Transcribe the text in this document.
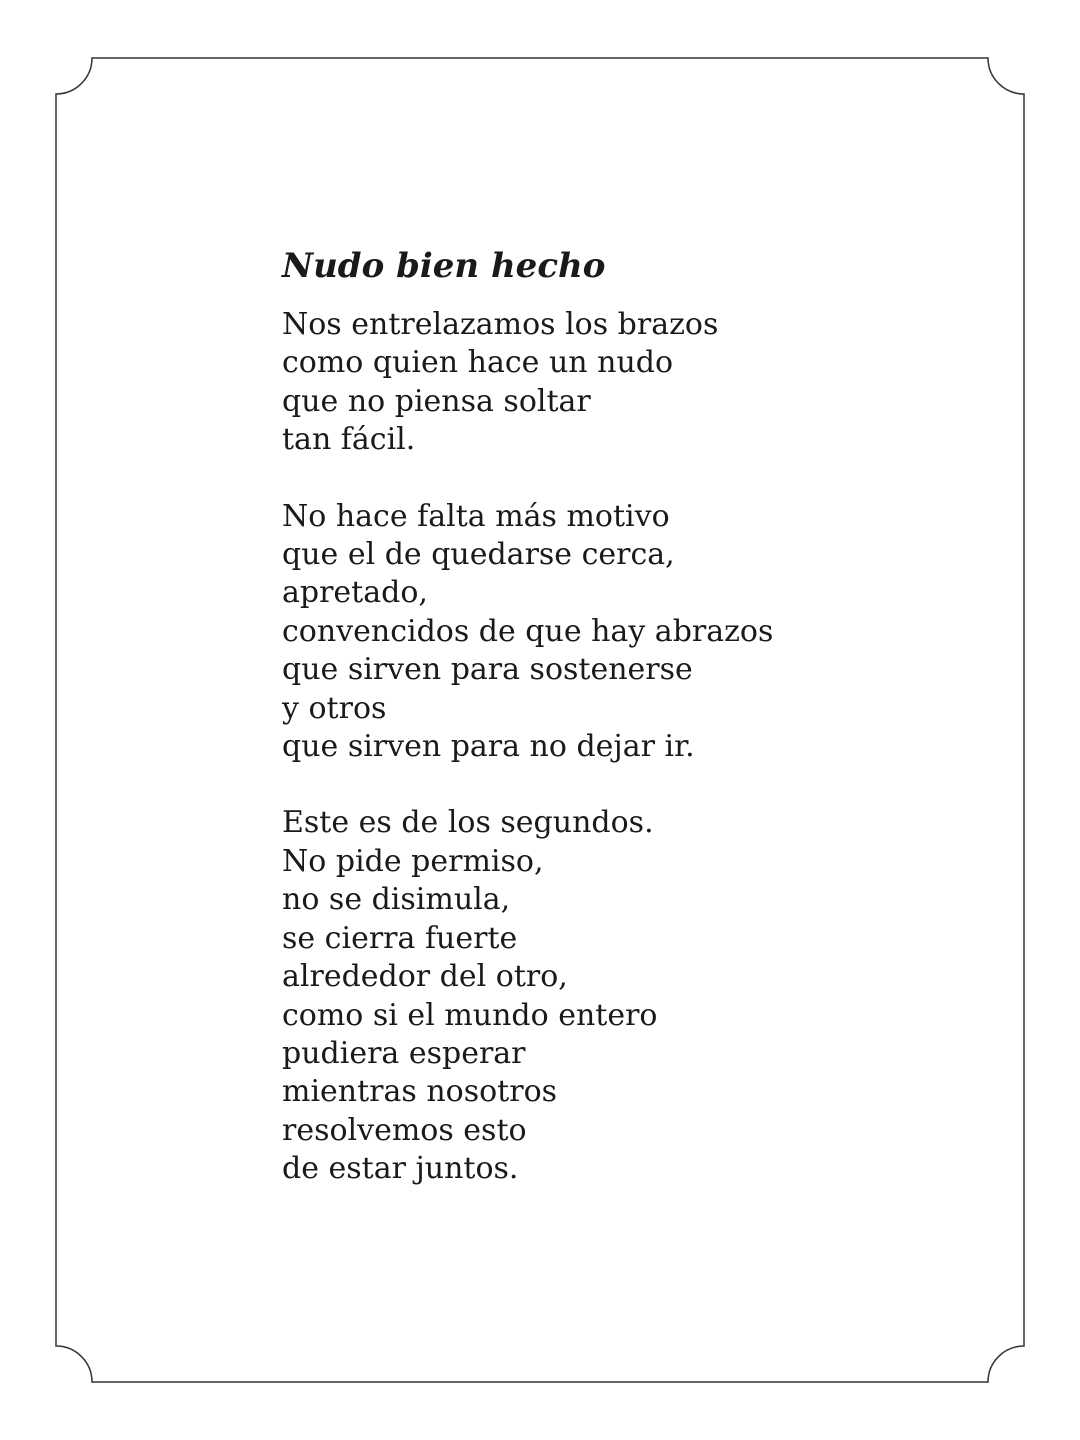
Nudo bien hecho
Nos entrelazamos los brazos
como quien hace un nudo
que no piensa soltar
tan fácil.
No hace falta más motivo
que el de quedarse cerca,
apretado,
convencidos de que hay abrazos
que sirven para sostenerse
y otros
que sirven para no dejar ir.
Este es de los segundos.
No pide permiso,
no se disimula,
se cierra fuerte
alrededor del otro,
como si el mundo entero
pudiera esperar
mientras nosotros
resolvemos esto
de estar juntos.
